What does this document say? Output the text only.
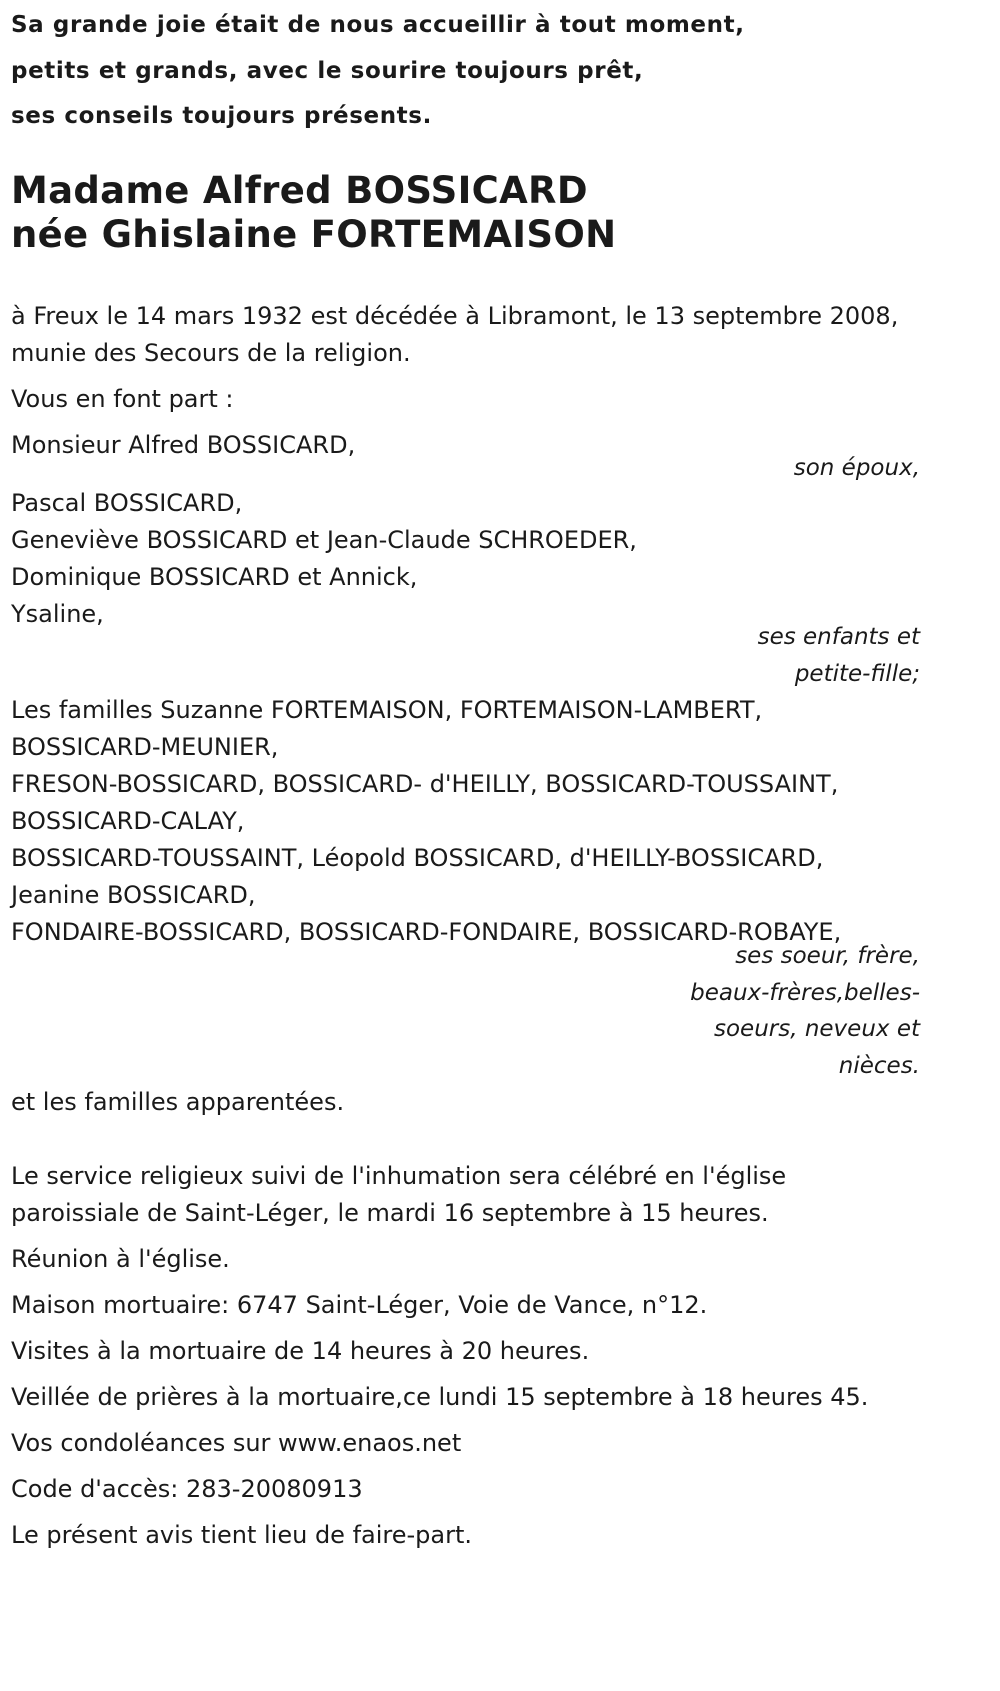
Sa grande joie était de nous accueillir à tout moment,
petits et grands, avec le sourire toujours prêt,
ses conseils toujours présents.
Madame Alfred BOSSICARD
née Ghislaine FORTEMAISON
à Freux le 14 mars 1932 est décédée à Libramont, le 13 septembre 2008,
munie des Secours de la religion.
Vous en font part :
Monsieur Alfred BOSSICARD,
son époux,
Pascal BOSSICARD,
Geneviève BOSSICARD et Jean-Claude SCHROEDER,
Dominique BOSSICARD et Annick,
Ysaline,
ses enfants et
petite-fille;
Les familles Suzanne FORTEMAISON, FORTEMAISON-LAMBERT,
BOSSICARD-MEUNIER,
FRESON-BOSSICARD, BOSSICARD- d'HEILLY, BOSSICARD-TOUSSAINT,
BOSSICARD-CALAY,
BOSSICARD-TOUSSAINT, Léopold BOSSICARD, d'HEILLY-BOSSICARD,
Jeanine BOSSICARD,
FONDAIRE-BOSSICARD, BOSSICARD-FONDAIRE, BOSSICARD-ROBAYE,
ses soeur, frère,
beaux-frères,belles-
soeurs, neveux et
nièces.
et les familles apparentées.
Le service religieux suivi de l'inhumation sera célébré en l'église
paroissiale de Saint-Léger, le mardi 16 septembre à 15 heures.
Réunion à l'église.
Maison mortuaire: 6747 Saint-Léger, Voie de Vance, n°12.
Visites à la mortuaire de 14 heures à 20 heures.
Veillée de prières à la mortuaire,ce lundi 15 septembre à 18 heures 45.
Vos condoléances sur www.enaos.net
Code d'accès: 283-20080913
Le présent avis tient lieu de faire-part.
